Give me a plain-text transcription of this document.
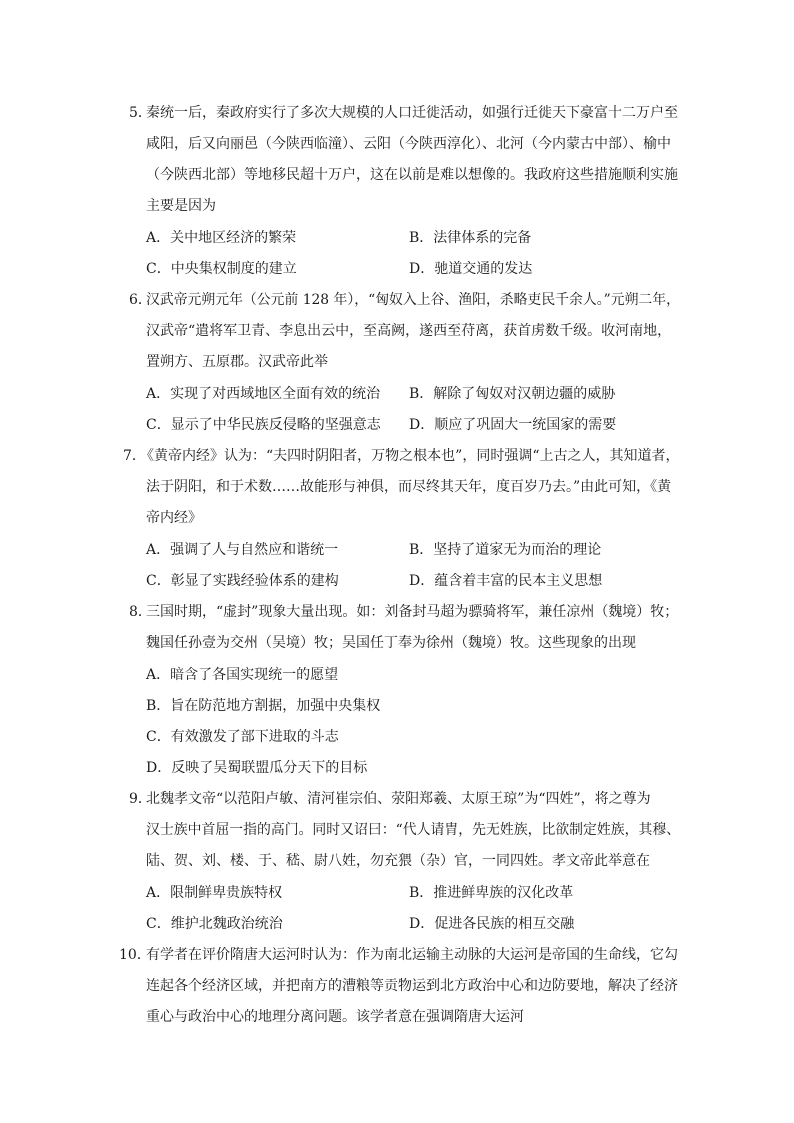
5．
秦统一后，秦政府实行了多次大规模的人口迁徙活动，如强行迁徙天下豪富十二万户至
咸阳，后又向丽邑（今陕西临潼）、云阳（今陕西淳化）、北河（今内蒙古中部）、榆中
（今陕西北部）等地移民超十万户，这在以前是难以想像的。我政府这些措施顺利实施
主要是因为
A．关中地区经济的繁荣	B．法律体系的完备
C．中央集权制度的建立	D．驰道交通的发达
6．
汉武帝元朔元年（公元前 128 年），“匈奴入上谷、渔阳，杀略吏民千余人。”元朔二年，
汉武帝“遣将军卫青、李息出云中，至高阙，遂西至苻离，获首虏数千级。收河南地，
置朔方、五原郡。汉武帝此举
A．实现了对西域地区全面有效的统治 B．解除了匈奴对汉朝边疆的威胁
C．显示了中华民族反侵略的坚强意志 D．顺应了巩固大一统国家的需要
7．
《黄帝内经》认为：“夫四时阴阳者，万物之根本也”，同时强调“上古之人，其知道者，
法于阴阳，和于术数……故能形与神俱，而尽终其天年，度百岁乃去。”由此可知，《黄
帝内经》
A．强调了人与自然应和谐统一	B．坚持了道家无为而治的理论
C．彰显了实践经验体系的建构	D．蕴含着丰富的民本主义思想
8．
三国时期，“虚封”现象大量出现。如：刘备封马超为骠骑将军，兼任凉州（魏境）牧；
魏国任孙壹为交州（吴境）牧；吴国任丁奉为徐州（魏境）牧。这些现象的出现
A．暗含了各国实现统一的愿望
B．旨在防范地方割据，加强中央集权
C．有效激发了部下进取的斗志
D．反映了吴蜀联盟瓜分天下的目标
9．
北魏孝文帝“以范阳卢敏、清河崔宗伯、荥阳郑羲、太原王琼”为“四姓”，将之尊为
汉士族中首屈一指的高门。同时又诏曰：“代人请胄，先无姓族，比欲制定姓族，其穆、
陆、贺、刘、楼、于、嵇、尉八姓，勿充猥（杂）官，一同四姓。孝文帝此举意在
A．限制鲜卑贵族特权	B．推进鲜卑族的汉化改革
C．维护北魏政治统治	D．促进各民族的相互交融
10．
有学者在评价隋唐大运河时认为：作为南北运输主动脉的大运河是帝国的生命线，它勾
连起各个经济区域，并把南方的漕粮等贡物运到北方政治中心和边防要地，解决了经济
重心与政治中心的地理分离问题。该学者意在强调隋唐大运河
